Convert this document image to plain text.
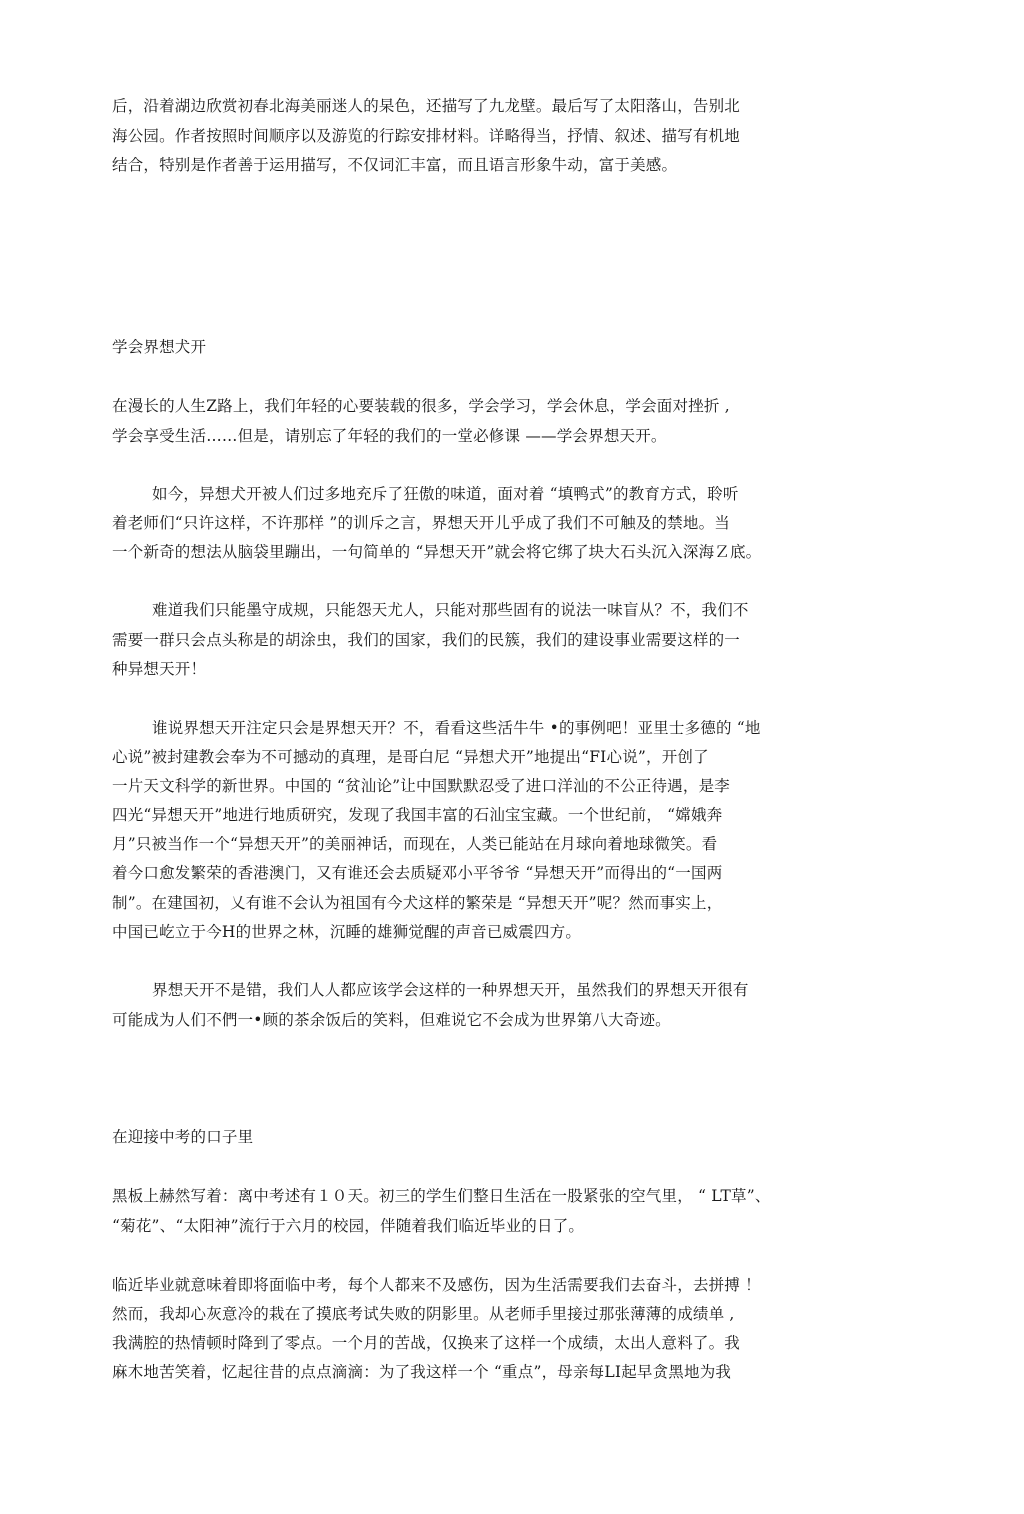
后，沿着湖边欣赏初春北海美丽迷人的杲色，还描写了九龙壁。最后写了太阳落山，告别北
海公园。作者按照时间顺序以及游览的行踪安排材料。详略得当，抒情、叙述、描写有机地
结合，特别是作者善于运用描写，不仅词汇丰富，而且语言形象牛动，富于美感。
学会界想犬开
在漫长的人生Z路上，我们年轻的心要装载的很多，学会学习，学会休息，学会面对挫折 ,
学会享受生活……但是，请别忘了年轻的我们的一堂必修课 ——学会界想天开。
如今，异想犬开被人们过多地充斥了狂傲的味道，面对着 “填鸭式”的教育方式，聆听
着老师们“只许这样，不许那样 ”的训斥之言，界想天开儿乎成了我们不可触及的禁地。当
一个新奇的想法从脑袋里蹦出，一句简单的 “异想天开”就会将它绑了块大石头沉入深海Ｚ底。
难道我们只能墨守成规，只能怨天尤人，只能对那些固有的说法一味盲从？不，我们不
需要一群只会点头称是的胡涂虫，我们的国家，我们的民簇，我们的建设事业需要这样的一
种异想天开！
谁说界想天开注定只会是界想天开？不，看看这些活牛牛 •的事例吧！亚里士多德的 “地
心说”被封建教会奉为不可撼动的真理，是哥白尼 “异想犬开”地提出“FI心说”，开创了
一片天文科学的新世界。中国的 “贫汕论”让中国默默忍受了进口洋汕的不公正待遇，是李
四光“异想天开”地进行地质研究，发现了我国丰富的石汕宝宝藏。一个世纪前， “嫦娥奔
月”只被当作一个“异想天开”的美丽神话，而现在，人类已能站在月球向着地球微笑。看
着今口愈发繁荣的香港澳门，又有谁还会去质疑邓小平爷爷 “异想天开”而得出的“一国两
制”。在建国初，乂有谁不会认为祖国有今犬这样的繁荣是 “异想天开”呢？然而事实上，
中国已屹立于今H的世界之林，沉睡的雄狮觉醒的声音已威震四方。
界想天开不是错，我们人人都应该学会这样的一种界想天开，虽然我们的界想天开很有
可能成为人们不們一•顾的茶余饭后的笑料，但难说它不会成为世界第八大奇迹。
在迎接中考的口子里
黑板上赫然写着：离中考述有１０天。初三的学生们整日生活在一股紧张的空气里， “ LT草”、
“菊花”、“太阳神”流行于六月的校园，伴随着我们临近毕业的日了。
临近毕业就意味着即将面临中考，每个人都来不及感伤，因为生活需要我们去奋斗，去拼搏 ！
然而，我却心灰意冷的栽在了摸底考试失败的阴影里。从老师手里接过那张薄薄的成绩单 ,
我满腔的热情顿时降到了零点。一个月的苦战，仅换来了这样一个成绩，太出人意料了。我
麻木地苦笑着，忆起往昔的点点滴滴：为了我这样一个 “重点”，母亲每LI起早贪黑地为我
